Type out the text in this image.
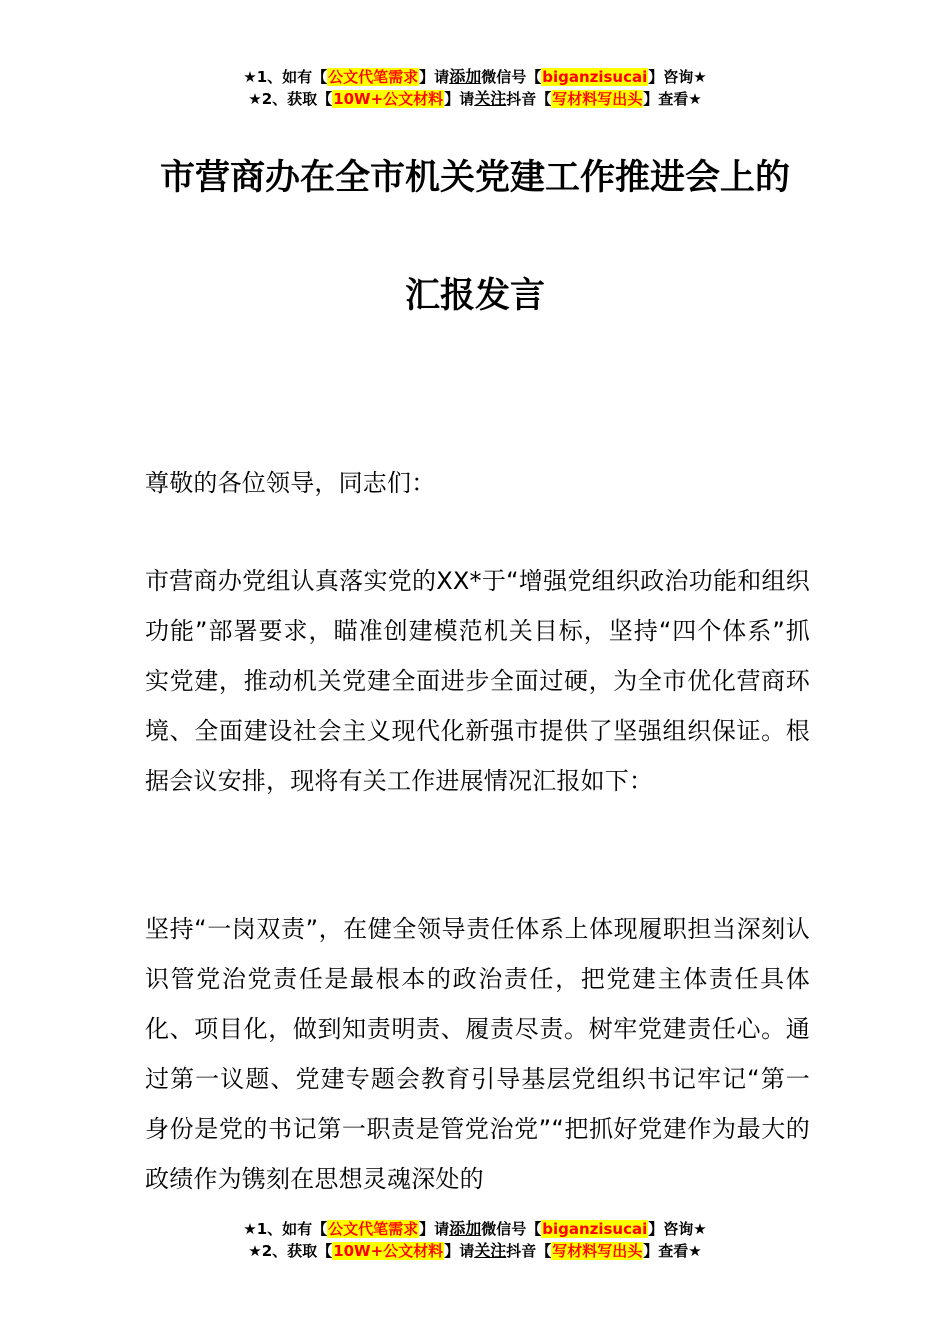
★1、如有【公文代笔需求】请添加微信号【biganzisucai】咨询★
★2、获取【10W+公文材料】请关注抖音【写材料写出头】查看★
市营商办在全市机关党建工作推进会上的
汇报发言

尊敬的各位领导，同志们：

市营商办党组认真落实党的XX*于“增强党组织政治功能和组织功能”部署要求，瞄准创建模范机关目标，坚持“四个体系”抓实党建，推动机关党建全面进步全面过硬，为全市优化营商环境、全面建设社会主义现代化新强市提供了坚强组织保证。根据会议安排，现将有关工作进展情况汇报如下：

坚持“一岗双责”，在健全领导责任体系上体现履职担当深刻认识管党治党责任是最根本的政治责任，把党建主体责任具体化、项目化，做到知责明责、履责尽责。树牢党建责任心。通过第一议题、党建专题会教育引导基层党组织书记牢记“第一身份是党的书记第一职责是管党治党”“把抓好党建作为最大的政绩作为镌刻在思想灵魂深处的

★1、如有【公文代笔需求】请添加微信号【biganzisucai】咨询★
★2、获取【10W+公文材料】请关注抖音【写材料写出头】查看★
